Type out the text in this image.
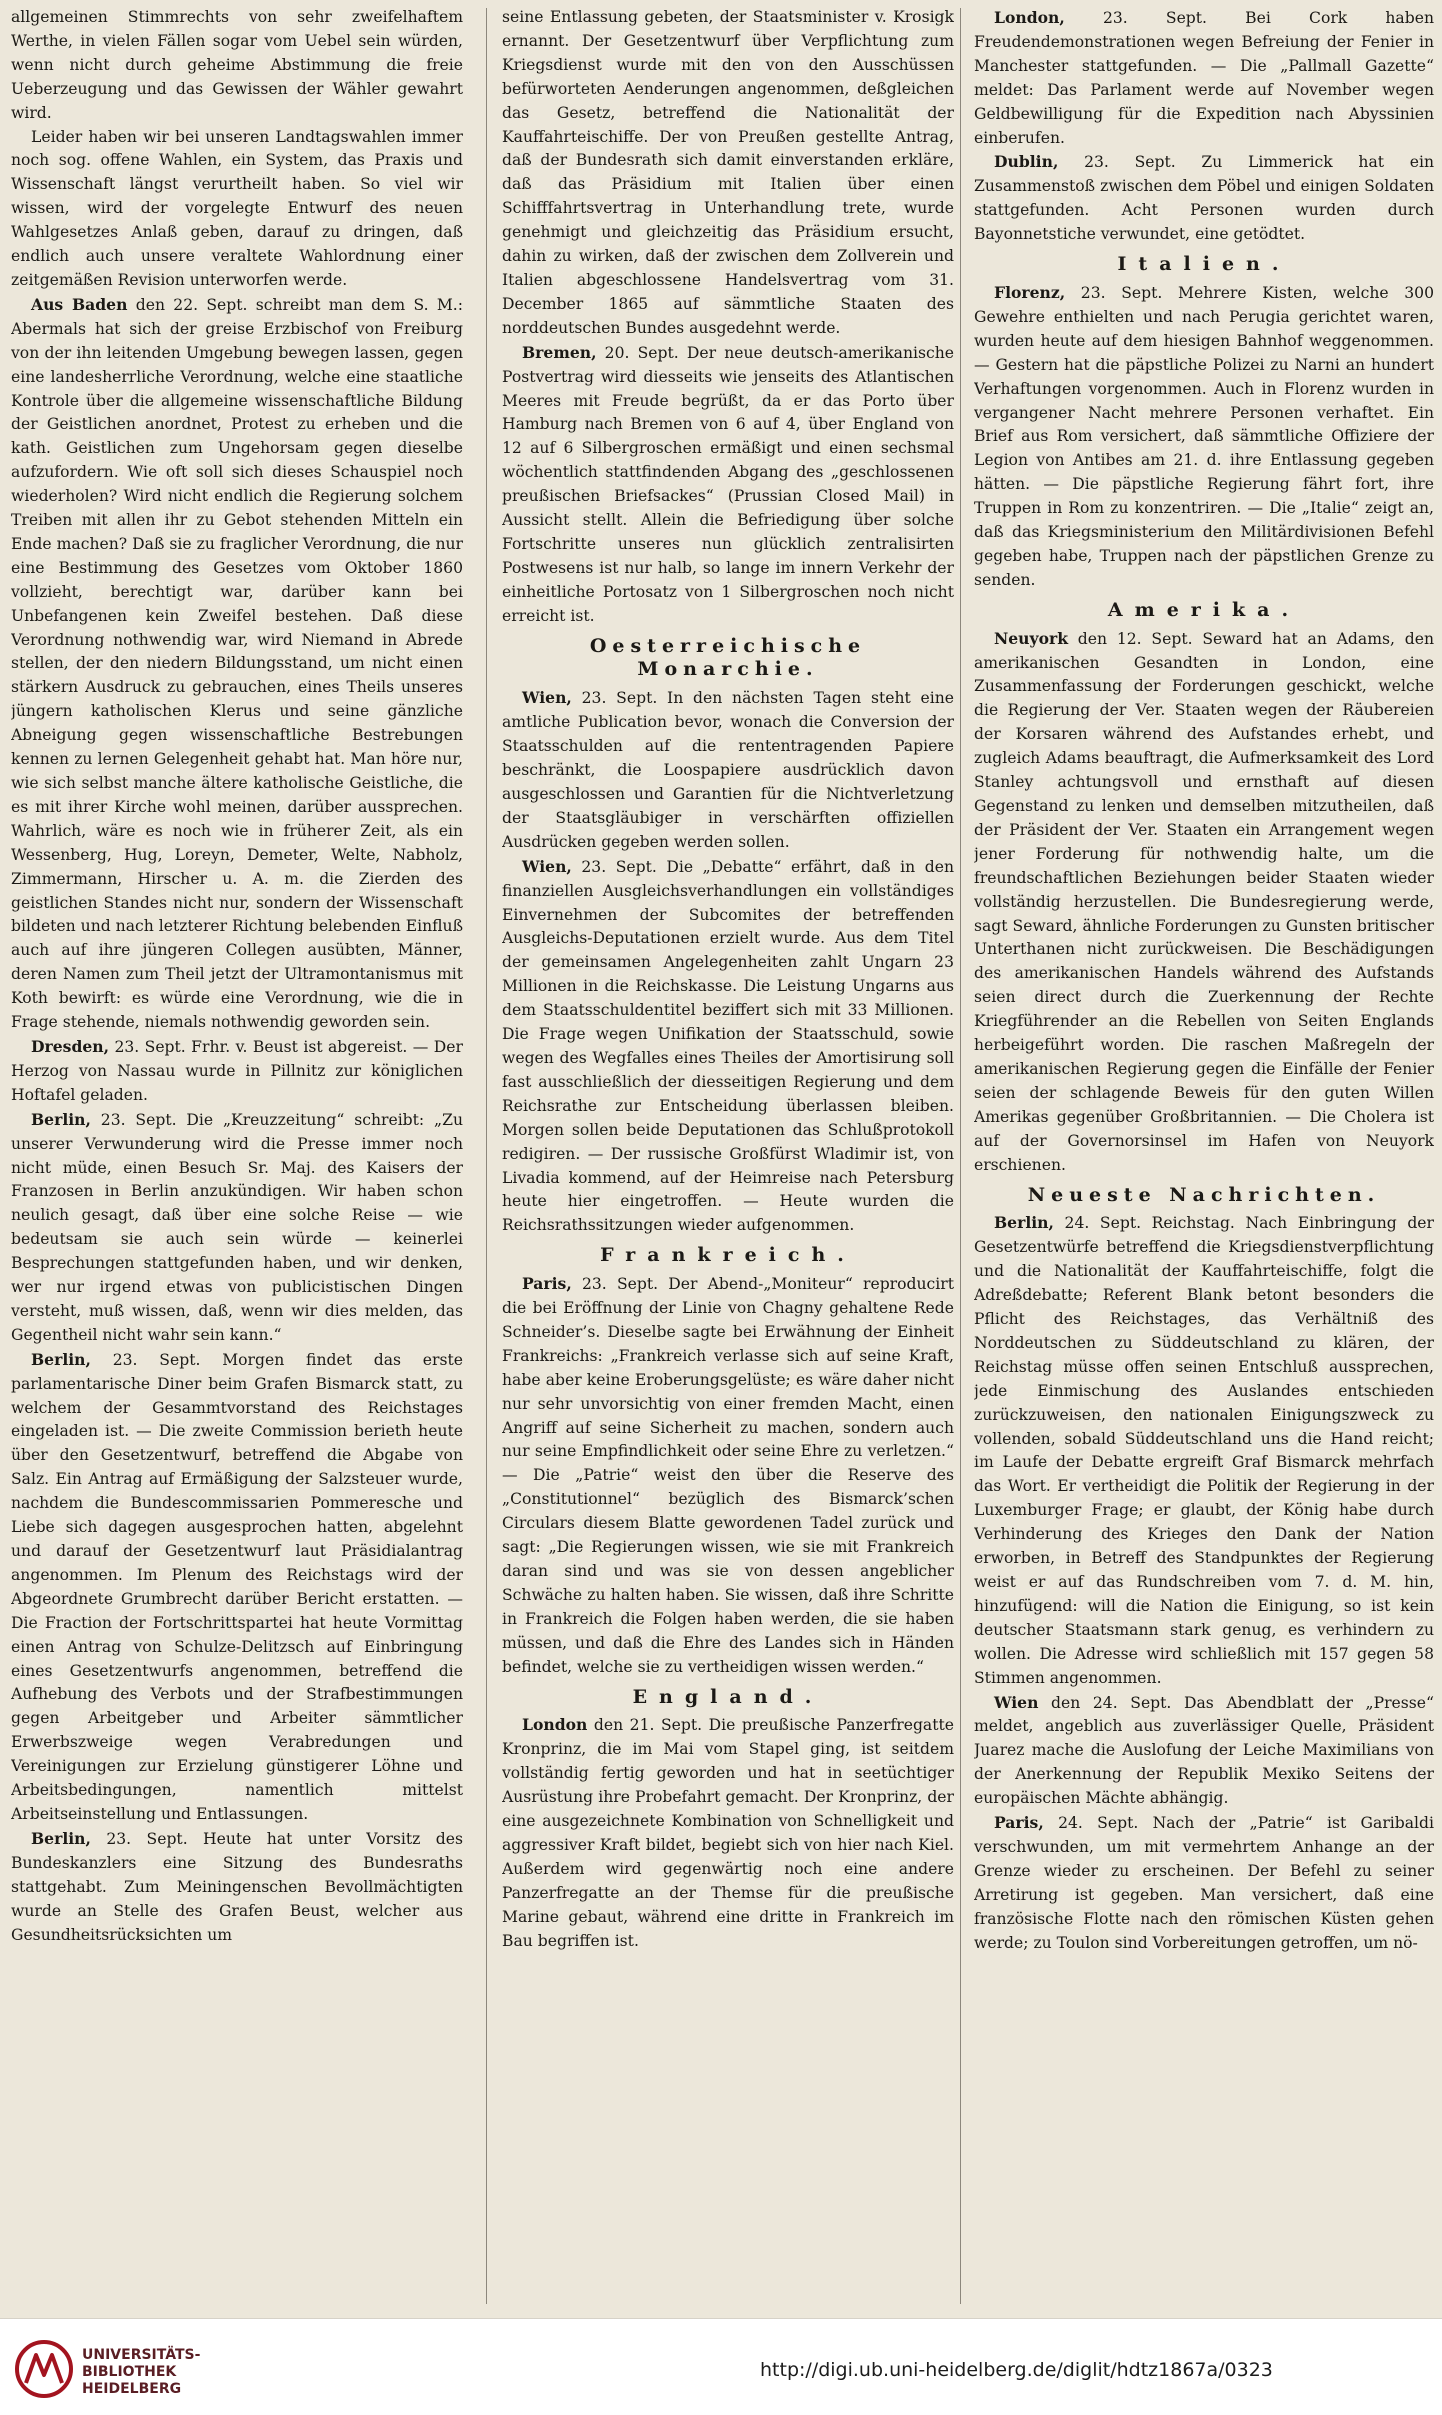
allgemeinen Stimmrechts von sehr zweifelhaftem Werthe, in vielen Fällen sogar vom Uebel sein würden, wenn nicht durch geheime Abstimmung die freie Ueberzeugung und das Gewissen der Wähler gewahrt wird.

Leider haben wir bei unseren Landtagswahlen immer noch sog. offene Wahlen, ein System, das Praxis und Wissenschaft längst verurtheilt haben. So viel wir wissen, wird der vorgelegte Entwurf des neuen Wahlgesetzes Anlaß geben, darauf zu dringen, daß endlich auch unsere veraltete Wahlordnung einer zeitgemäßen Revision unterworfen werde.

Aus Baden den 22. Sept. schreibt man dem S. M.: Abermals hat sich der greise Erzbischof von Freiburg von der ihn leitenden Umgebung bewegen lassen, gegen eine landesherrliche Verordnung, welche eine staatliche Kontrole über die allgemeine wissenschaftliche Bildung der Geistlichen anordnet, Protest zu erheben und die kath. Geistlichen zum Ungehorsam gegen dieselbe aufzufordern. Wie oft soll sich dieses Schauspiel noch wiederholen? Wird nicht endlich die Regierung solchem Treiben mit allen ihr zu Gebot stehenden Mitteln ein Ende machen? Daß sie zu fraglicher Verordnung, die nur eine Bestimmung des Gesetzes vom Oktober 1860 vollzieht, berechtigt war, darüber kann bei Unbefangenen kein Zweifel bestehen. Daß diese Verordnung nothwendig war, wird Niemand in Abrede stellen, der den niedern Bildungsstand, um nicht einen stärkern Ausdruck zu gebrauchen, eines Theils unseres jüngern katholischen Klerus und seine gänzliche Abneigung gegen wissenschaftliche Bestrebungen kennen zu lernen Gelegenheit gehabt hat. Man höre nur, wie sich selbst manche ältere katholische Geistliche, die es mit ihrer Kirche wohl meinen, darüber aussprechen. Wahrlich, wäre es noch wie in früherer Zeit, als ein Wessenberg, Hug, Loreyn, Demeter, Welte, Nabholz, Zimmermann, Hirscher u. A. m. die Zierden des geistlichen Standes nicht nur, sondern der Wissenschaft bildeten und nach letzterer Richtung belebenden Einfluß auch auf ihre jüngeren Collegen ausübten, Männer, deren Namen zum Theil jetzt der Ultramontanismus mit Koth bewirft: es würde eine Verordnung, wie die in Frage stehende, niemals nothwendig geworden sein.

Dresden, 23. Sept. Frhr. v. Beust ist abgereist. — Der Herzog von Nassau wurde in Pillnitz zur königlichen Hoftafel geladen.

Berlin, 23. Sept. Die „Kreuzzeitung“ schreibt: „Zu unserer Verwunderung wird die Presse immer noch nicht müde, einen Besuch Sr. Maj. des Kaisers der Franzosen in Berlin anzukündigen. Wir haben schon neulich gesagt, daß über eine solche Reise — wie bedeutsam sie auch sein würde — keinerlei Besprechungen stattgefunden haben, und wir denken, wer nur irgend etwas von publicistischen Dingen versteht, muß wissen, daß, wenn wir dies melden, das Gegentheil nicht wahr sein kann.“

Berlin, 23. Sept. Morgen findet das erste parlamentarische Diner beim Grafen Bismarck statt, zu welchem der Gesammtvorstand des Reichstages eingeladen ist. — Die zweite Commission berieth heute über den Gesetzentwurf, betreffend die Abgabe von Salz. Ein Antrag auf Ermäßigung der Salzsteuer wurde, nachdem die Bundescommissarien Pommeresche und Liebe sich dagegen ausgesprochen hatten, abgelehnt und darauf der Gesetzentwurf laut Präsidialantrag angenommen. Im Plenum des Reichstags wird der Abgeordnete Grumbrecht darüber Bericht erstatten. — Die Fraction der Fortschrittspartei hat heute Vormittag einen Antrag von Schulze-Delitzsch auf Einbringung eines Gesetzentwurfs angenommen, betreffend die Aufhebung des Verbots und der Strafbestimmungen gegen Arbeitgeber und Arbeiter sämmtlicher Erwerbszweige wegen Verabredungen und Vereinigungen zur Erzielung günstigerer Löhne und Arbeitsbedingungen, namentlich mittelst Arbeitseinstellung und Entlassungen.

Berlin, 23. Sept. Heute hat unter Vorsitz des Bundeskanzlers eine Sitzung des Bundesraths stattgehabt. Zum Meiningenschen Bevollmächtigten wurde an Stelle des Grafen Beust, welcher aus Gesundheitsrücksichten um

seine Entlassung gebeten, der Staatsminister v. Krosigk ernannt. Der Gesetzentwurf über Verpflichtung zum Kriegsdienst wurde mit den von den Ausschüssen befürworteten Aenderungen angenommen, deßgleichen das Gesetz, betreffend die Nationalität der Kauffahrteischiffe. Der von Preußen gestellte Antrag, daß der Bundesrath sich damit einverstanden erkläre, daß das Präsidium mit Italien über einen Schifffahrtsvertrag in Unterhandlung trete, wurde genehmigt und gleichzeitig das Präsidium ersucht, dahin zu wirken, daß der zwischen dem Zollverein und Italien abgeschlossene Handelsvertrag vom 31. December 1865 auf sämmtliche Staaten des norddeutschen Bundes ausgedehnt werde.

Bremen, 20. Sept. Der neue deutsch-amerikanische Postvertrag wird diesseits wie jenseits des Atlantischen Meeres mit Freude begrüßt, da er das Porto über Hamburg nach Bremen von 6 auf 4, über England von 12 auf 6 Silbergroschen ermäßigt und einen sechsmal wöchentlich stattfindenden Abgang des „geschlossenen preußischen Briefsackes“ (Prussian Closed Mail) in Aussicht stellt. Allein die Befriedigung über solche Fortschritte unseres nun glücklich zentralisirten Postwesens ist nur halb, so lange im innern Verkehr der einheitliche Portosatz von 1 Silbergroschen noch nicht erreicht ist.

Oesterreichische Monarchie.

Wien, 23. Sept. In den nächsten Tagen steht eine amtliche Publication bevor, wonach die Conversion der Staatsschulden auf die rententragenden Papiere beschränkt, die Loospapiere ausdrücklich davon ausgeschlossen und Garantien für die Nichtverletzung der Staatsgläubiger in verschärften offiziellen Ausdrücken gegeben werden sollen.

Wien, 23. Sept. Die „Debatte“ erfährt, daß in den finanziellen Ausgleichsverhandlungen ein vollständiges Einvernehmen der Subcomites der betreffenden Ausgleichs-Deputationen erzielt wurde. Aus dem Titel der gemeinsamen Angelegenheiten zahlt Ungarn 23 Millionen in die Reichskasse. Die Leistung Ungarns aus dem Staatsschuldentitel beziffert sich mit 33 Millionen. Die Frage wegen Unifikation der Staatsschuld, sowie wegen des Wegfalles eines Theiles der Amortisirung soll fast ausschließlich der diesseitigen Regierung und dem Reichsrathe zur Entscheidung überlassen bleiben. Morgen sollen beide Deputationen das Schlußprotokoll redigiren. — Der russische Großfürst Wladimir ist, von Livadia kommend, auf der Heimreise nach Petersburg heute hier eingetroffen. — Heute wurden die Reichsrathssitzungen wieder aufgenommen.

Frankreich.

Paris, 23. Sept. Der Abend-„Moniteur“ reproducirt die bei Eröffnung der Linie von Chagny gehaltene Rede Schneider’s. Dieselbe sagte bei Erwähnung der Einheit Frankreichs: „Frankreich verlasse sich auf seine Kraft, habe aber keine Eroberungsgelüste; es wäre daher nicht nur sehr unvorsichtig von einer fremden Macht, einen Angriff auf seine Sicherheit zu machen, sondern auch nur seine Empfindlichkeit oder seine Ehre zu verletzen.“ — Die „Patrie“ weist den über die Reserve des „Constitutionnel“ bezüglich des Bismarck’schen Circulars diesem Blatte gewordenen Tadel zurück und sagt: „Die Regierungen wissen, wie sie mit Frankreich daran sind und was sie von dessen angeblicher Schwäche zu halten haben. Sie wissen, daß ihre Schritte in Frankreich die Folgen haben werden, die sie haben müssen, und daß die Ehre des Landes sich in Händen befindet, welche sie zu vertheidigen wissen werden.“

England.

London den 21. Sept. Die preußische Panzerfregatte Kronprinz, die im Mai vom Stapel ging, ist seitdem vollständig fertig geworden und hat in seetüchtiger Ausrüstung ihre Probefahrt gemacht. Der Kronprinz, der eine ausgezeichnete Kombination von Schnelligkeit und aggressiver Kraft bildet, begiebt sich von hier nach Kiel. Außerdem wird gegenwärtig noch eine andere Panzerfregatte an der Themse für die preußische Marine gebaut, während eine dritte in Frankreich im Bau begriffen ist.

London, 23. Sept. Bei Cork haben Freudendemonstrationen wegen Befreiung der Fenier in Manchester stattgefunden. — Die „Pallmall Gazette“ meldet: Das Parlament werde auf November wegen Geldbewilligung für die Expedition nach Abyssinien einberufen.

Dublin, 23. Sept. Zu Limmerick hat ein Zusammenstoß zwischen dem Pöbel und einigen Soldaten stattgefunden. Acht Personen wurden durch Bayonnetstiche verwundet, eine getödtet.

Italien.

Florenz, 23. Sept. Mehrere Kisten, welche 300 Gewehre enthielten und nach Perugia gerichtet waren, wurden heute auf dem hiesigen Bahnhof weggenommen. — Gestern hat die päpstliche Polizei zu Narni an hundert Verhaftungen vorgenommen. Auch in Florenz wurden in vergangener Nacht mehrere Personen verhaftet. Ein Brief aus Rom versichert, daß sämmtliche Offiziere der Legion von Antibes am 21. d. ihre Entlassung gegeben hätten. — Die päpstliche Regierung fährt fort, ihre Truppen in Rom zu konzentriren. — Die „Italie“ zeigt an, daß das Kriegsministerium den Militärdivisionen Befehl gegeben habe, Truppen nach der päpstlichen Grenze zu senden.

Amerika.

Neuyork den 12. Sept. Seward hat an Adams, den amerikanischen Gesandten in London, eine Zusammenfassung der Forderungen geschickt, welche die Regierung der Ver. Staaten wegen der Räubereien der Korsaren während des Aufstandes erhebt, und zugleich Adams beauftragt, die Aufmerksamkeit des Lord Stanley achtungsvoll und ernsthaft auf diesen Gegenstand zu lenken und demselben mitzutheilen, daß der Präsident der Ver. Staaten ein Arrangement wegen jener Forderung für nothwendig halte, um die freundschaftlichen Beziehungen beider Staaten wieder vollständig herzustellen. Die Bundesregierung werde, sagt Seward, ähnliche Forderungen zu Gunsten britischer Unterthanen nicht zurückweisen. Die Beschädigungen des amerikanischen Handels während des Aufstands seien direct durch die Zuerkennung der Rechte Kriegführender an die Rebellen von Seiten Englands herbeigeführt worden. Die raschen Maßregeln der amerikanischen Regierung gegen die Einfälle der Fenier seien der schlagende Beweis für den guten Willen Amerikas gegenüber Großbritannien. — Die Cholera ist auf der Governorsinsel im Hafen von Neuyork erschienen.

Neueste Nachrichten.

Berlin, 24. Sept. Reichstag. Nach Einbringung der Gesetzentwürfe betreffend die Kriegsdienstverpflichtung und die Nationalität der Kauffahrteischiffe, folgt die Adreßdebatte; Referent Blank betont besonders die Pflicht des Reichstages, das Verhältniß des Norddeutschen zu Süddeutschland zu klären, der Reichstag müsse offen seinen Entschluß aussprechen, jede Einmischung des Auslandes entschieden zurückzuweisen, den nationalen Einigungszweck zu vollenden, sobald Süddeutschland uns die Hand reicht; im Laufe der Debatte ergreift Graf Bismarck mehrfach das Wort. Er vertheidigt die Politik der Regierung in der Luxemburger Frage; er glaubt, der König habe durch Verhinderung des Krieges den Dank der Nation erworben, in Betreff des Standpunktes der Regierung weist er auf das Rundschreiben vom 7. d. M. hin, hinzufügend: will die Nation die Einigung, so ist kein deutscher Staatsmann stark genug, es verhindern zu wollen. Die Adresse wird schließlich mit 157 gegen 58 Stimmen angenommen.

Wien den 24. Sept. Das Abendblatt der „Presse“ meldet, angeblich aus zuverlässiger Quelle, Präsident Juarez mache die Auslofung der Leiche Maximilians von der Anerkennung der Republik Mexiko Seitens der europäischen Mächte abhängig.

Paris, 24. Sept. Nach der „Patrie“ ist Garibaldi verschwunden, um mit vermehrtem Anhange an der Grenze wieder zu erscheinen. Der Befehl zu seiner Arretirung ist gegeben. Man versichert, daß eine französische Flotte nach den römischen Küsten gehen werde; zu Toulon sind Vorbereitungen getroffen, um nö-

UNIVERSITÄTS-
BIBLIOTHEK
HEIDELBERG
http://digi.ub.uni-heidelberg.de/diglit/hdtz1867a/0323
